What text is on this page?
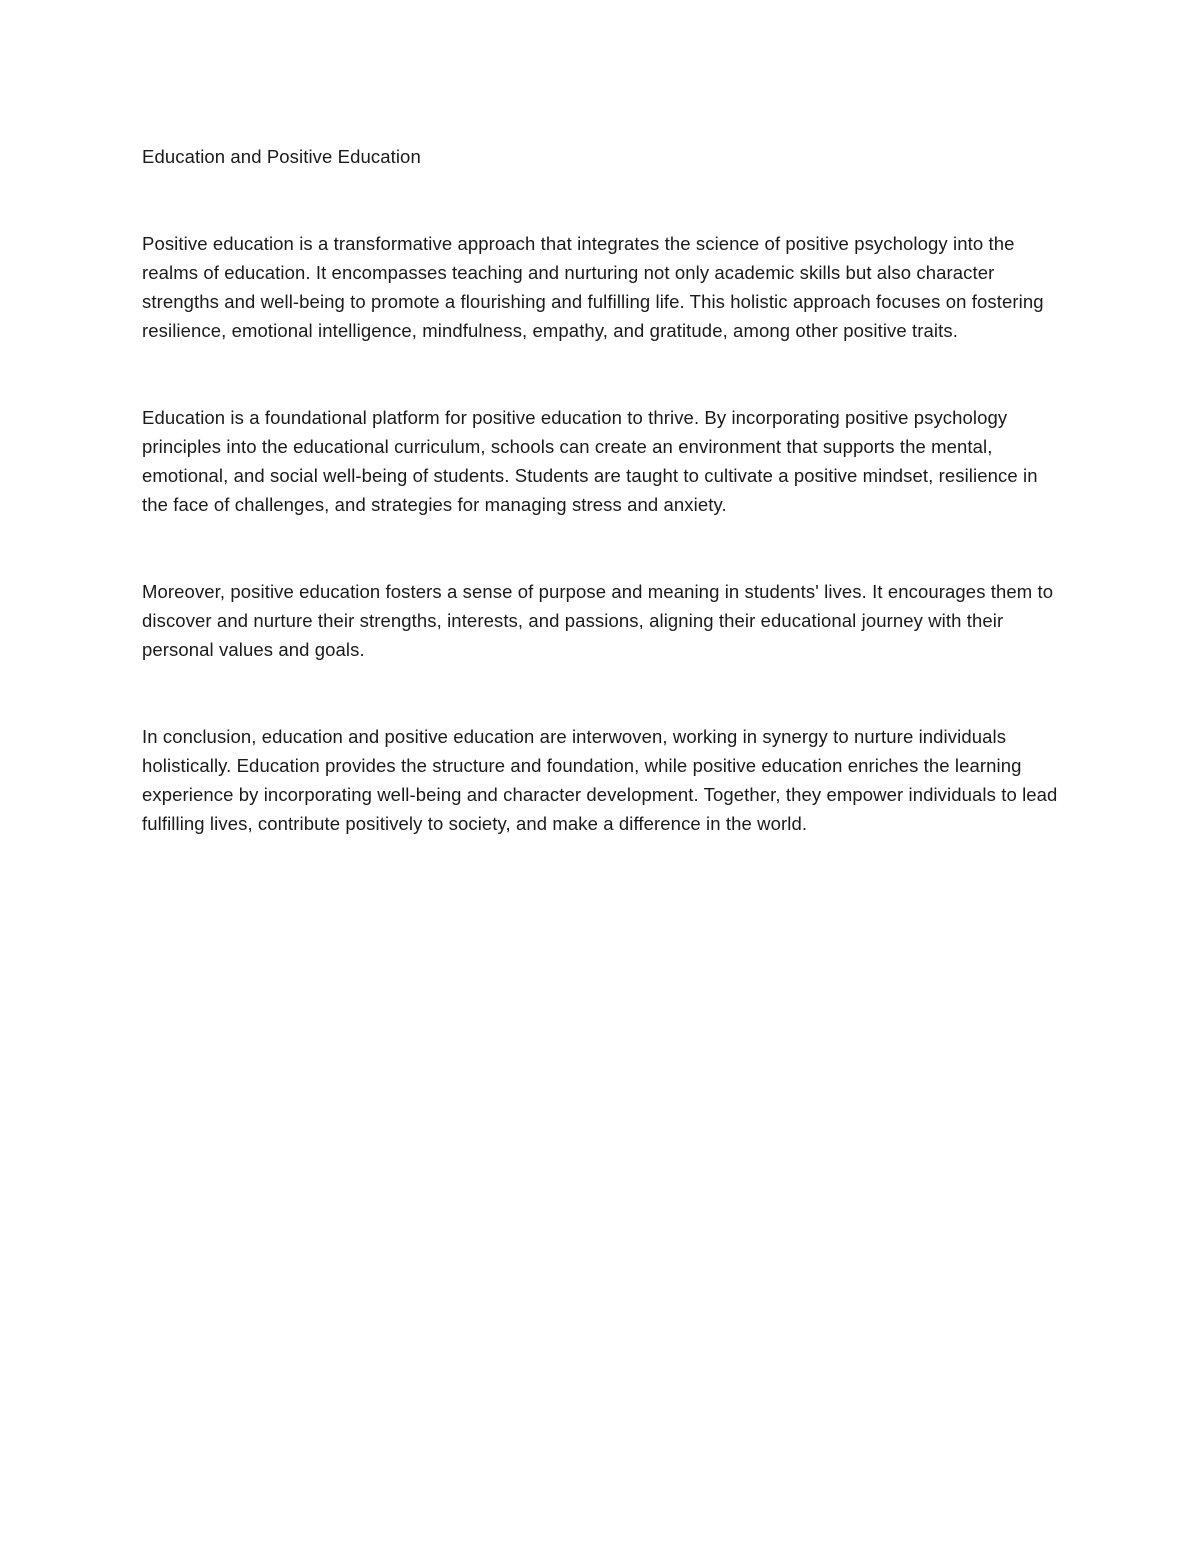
Education and Positive Education

Positive education is a transformative approach that integrates the science of positive psychology into the realms of education. It encompasses teaching and nurturing not only academic skills but also character strengths and well-being to promote a flourishing and fulfilling life. This holistic approach focuses on fostering resilience, emotional intelligence, mindfulness, empathy, and gratitude, among other positive traits.

Education is a foundational platform for positive education to thrive. By incorporating positive psychology principles into the educational curriculum, schools can create an environment that supports the mental, emotional, and social well-being of students. Students are taught to cultivate a positive mindset, resilience in the face of challenges, and strategies for managing stress and anxiety.

Moreover, positive education fosters a sense of purpose and meaning in students' lives. It encourages them to discover and nurture their strengths, interests, and passions, aligning their educational journey with their personal values and goals.

In conclusion, education and positive education are interwoven, working in synergy to nurture individuals holistically. Education provides the structure and foundation, while positive education enriches the learning experience by incorporating well-being and character development. Together, they empower individuals to lead fulfilling lives, contribute positively to society, and make a difference in the world.
